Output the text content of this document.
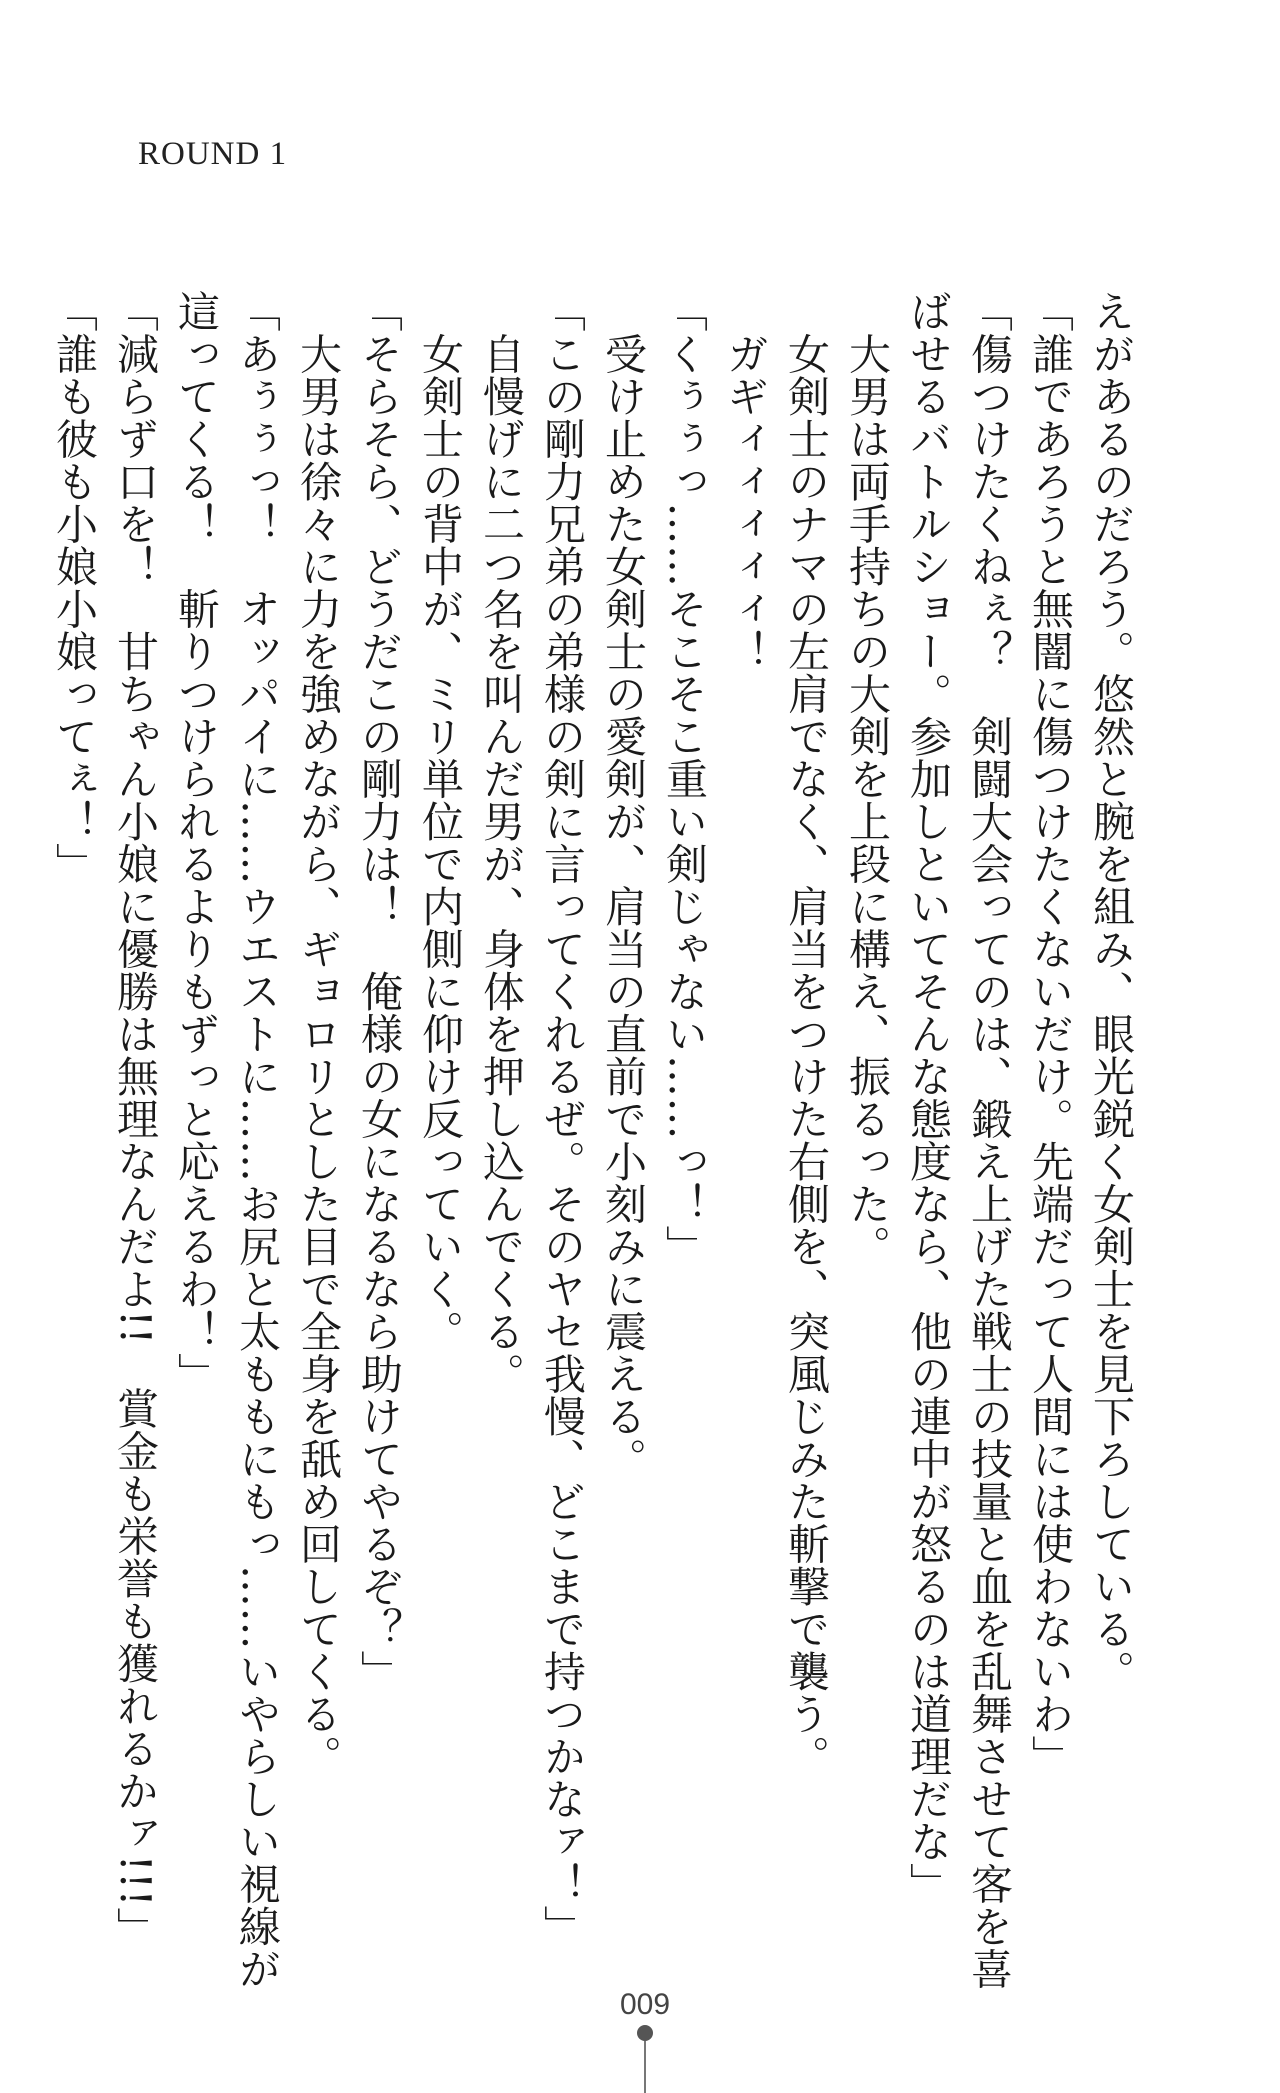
ROUND 1

えがあるのだろう。悠然と腕を組み、眼光鋭く女剣士を見下ろしている。

「誰であろうと無闇に傷つけたくないだけ。先端だって人間には使わないわ」

「傷つけたくねぇ？　剣闘大会ってのは、鍛え上げた戦士の技量と血を乱舞させて客を喜

ばせるバトルショー。参加しといてそんな態度なら、他の連中が怒るのは道理だな」

　大男は両手持ちの大剣を上段に構え、振るった。

　女剣士のナマの左肩でなく、肩当をつけた右側を、突風じみた斬撃で襲う。

　ガギィィィィィ！

「くぅぅっ……そこそこ重い剣じゃない……っ！」

　受け止めた女剣士の愛剣が、肩当の直前で小刻みに震える。

「この剛力兄弟の弟様の剣に言ってくれるぜ。そのヤセ我慢、どこまで持つかなァ！」

　自慢げに二つ名を叫んだ男が、身体を押し込んでくる。

　女剣士の背中が、ミリ単位で内側に仰け反っていく。

「そらそら、どうだこの剛力は！　俺様の女になるなら助けてやるぞ？」

　大男は徐々に力を強めながら、ギョロリとした目で全身を舐め回してくる。

「あぅぅっ！　オッパイに……ウエストに……お尻と太ももにもっ……いやらしい視線が

這ってくる！　斬りつけられるよりもずっと応えるわ！」

「減らず口を！　甘ちゃん小娘に優勝は無理なんだよ!!　賞金も栄誉も獲れるかァ!!!」

「誰も彼も小娘小娘ってぇ！」

009
